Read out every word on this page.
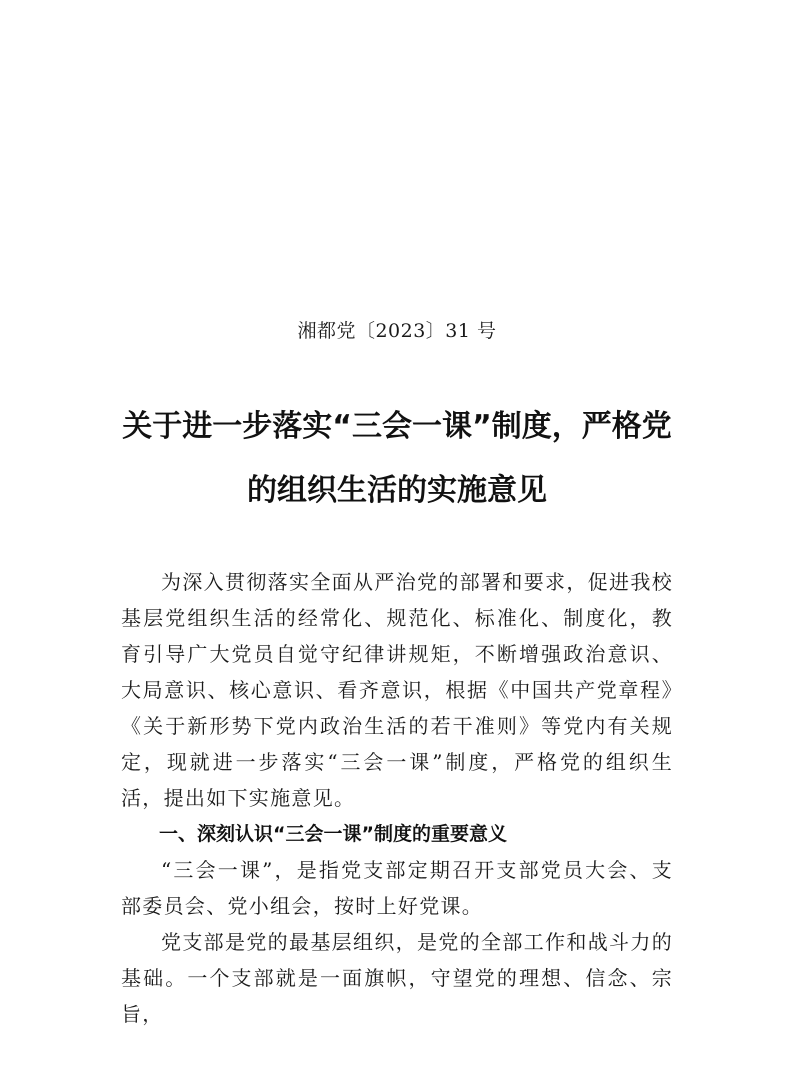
湘都党〔2023〕31 号
关于进一步落实“三会一课”制度，严格党
的组织生活的实施意见

为深入贯彻落实全面从严治党的部署和要求，促进我校基层党组织生活的经常化、规范化、标准化、制度化，教育引导广大党员自觉守纪律讲规矩，不断增强政治意识、大局意识、核心意识、看齐意识，根据《中国共产党章程》《关于新形势下党内政治生活的若干准则》等党内有关规定，现就进一步落实“三会一课”制度，严格党的组织生活，提出如下实施意见。

一、深刻认识“三会一课”制度的重要意义

“三会一课”，是指党支部定期召开支部党员大会、支部委员会、党小组会，按时上好党课。

党支部是党的最基层组织，是党的全部工作和战斗力的基础。一个支部就是一面旗帜，守望党的理想、信念、宗旨，
